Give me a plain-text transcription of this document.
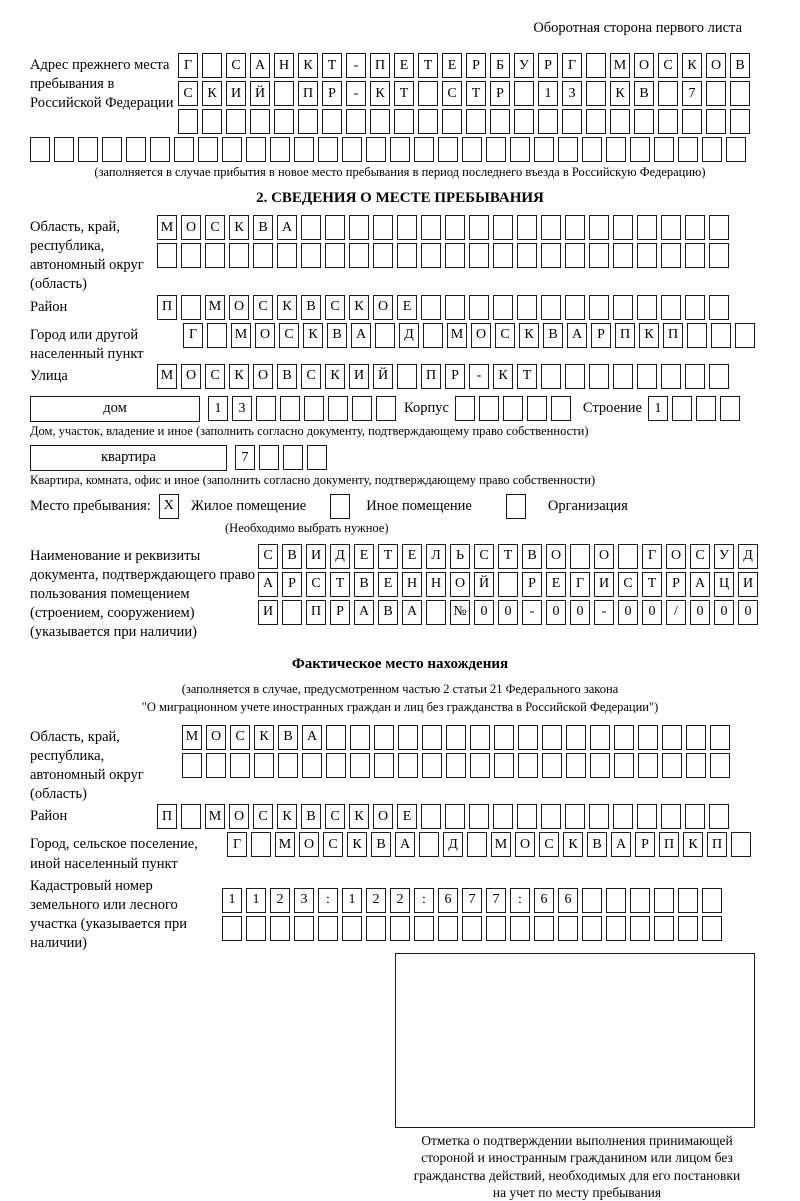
Оборотная сторона первого листа
Адрес прежнего места пребывания в Российской Федерации
Г	С	А Н	К	Т	-	П	Е	Т	Е	Р	Б	У	Р	Г	М О	С	К	О	В
С	К	И Й	П	Р	-	К	Т	С	Т	Р	1	3	К	В	7
(заполняется в случае прибытия в новое место пребывания в период последнего въезда в Российскую Федерацию)
2. СВЕДЕНИЯ О МЕСТЕ ПРЕБЫВАНИЯ
Область, край, республика, автономный округ (область)
М О	С	К	В	А
Район	П	М О	С	К	В	С	К	О	Е
Город или другой населенный пункт
Г	М О	С	К	В	А	Д	М О	С	К	В	А	Р	П	К	П
Улица	М О	С	К	О	В	С	К	И Й	П	Р	-	К	Т
дом	1	3	Корпус	Строение 1
Дом, участок, владение и иное (заполнить согласно документу, подтверждающему право собственности)
квартира	7
Квартира, комната, офис и иное (заполнить согласно документу, подтверждающему право собственности)
Место пребывания: X	Жилое помещение	Иное помещение	Организация
(Необходимо выбрать нужное)
Наименование и реквизиты документа, подтверждающего право пользования помещением (строением, сооружением) (указывается при наличии)
С	В	И	Д	Е	Т	Е	Л	Ь	С	Т	В	О	О	Г	О	С	У	Д
А	Р	С	Т	В	Е	Н Н О Й	Р	Е	Г	И	С	Т	Р	А Ц И
И	П	Р	А	В	А	№ 0	0	-	0	0	-	0	0	/	0	0	0
Фактическое место нахождения
(заполняется в случае, предусмотренном частью 2 статьи 21 Федерального закона
"О миграционном учете иностранных граждан и лиц без гражданства в Российской Федерации")
Область, край, республика, автономный округ (область)
М О	С	К	В	А
Район	П	М О	С	К	В	С	К	О	Е
Город, сельское поселение, иной населенный пункт
Г	М О	С	К	В	А	Д	М О	С	К	В	А	Р	П	К	П
Кадастровый номер земельного или лесного участка (указывается при наличии)
1	1	2	3	:	1	2	2	:	6	7	7	:	6	6
Отметка о подтверждении выполнения принимающей
стороной и иностранным гражданином или лицом без
гражданства действий, необходимых для его постановки
на учет по месту пребывания
